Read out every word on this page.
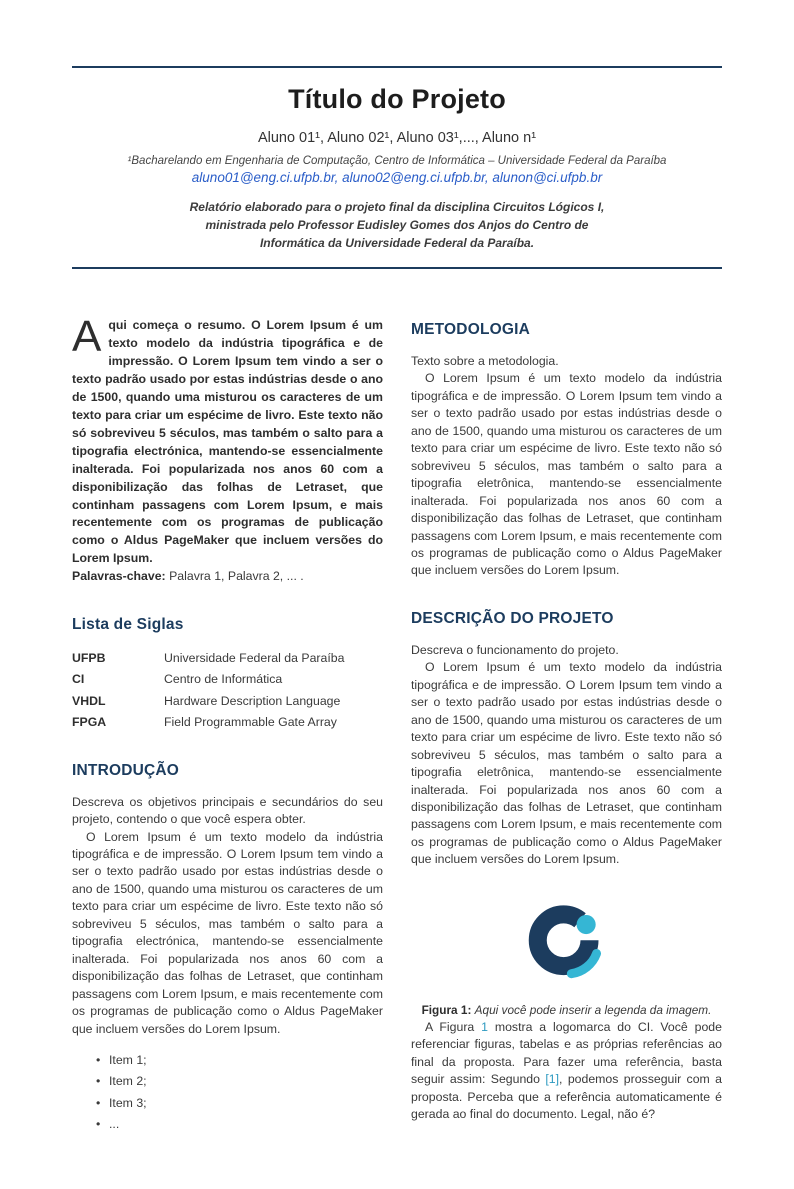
Título do Projeto

Aluno 01¹, Aluno 02¹, Aluno 03¹,..., Aluno n¹

¹Bacharelando em Engenharia de Computação, Centro de Informática – Universidade Federal da Paraíba

aluno01@eng.ci.ufpb.br, aluno02@eng.ci.ufpb.br, alunon@ci.ufpb.br

Relatório elaborado para o projeto final da disciplina Circuitos Lógicos I, ministrada pelo Professor Eudisley Gomes dos Anjos do Centro de Informática da Universidade Federal da Paraíba.

Aqui começa o resumo. O Lorem Ipsum é um texto modelo da indústria tipográfica e de impressão. O Lorem Ipsum tem vindo a ser o texto padrão usado por estas indústrias desde o ano de 1500, quando uma misturou os caracteres de um texto para criar um espécime de livro. Este texto não só sobreviveu 5 séculos, mas também o salto para a tipografia electrónica, mantendo-se essencialmente inalterada. Foi popularizada nos anos 60 com a disponibilização das folhas de Letraset, que continham passagens com Lorem Ipsum, e mais recentemente com os programas de publicação como o Aldus PageMaker que incluem versões do Lorem Ipsum.

Palavras-chave: Palavra 1, Palavra 2, ... .

Lista de Siglas
UFPB	Universidade Federal da Paraíba
CI	Centro de Informática
VHDL	Hardware Description Language
FPGA	Field Programmable Gate Array
INTRODUÇÃO

Descreva os objetivos principais e secundários do seu projeto, contendo o que você espera obter.

O Lorem Ipsum é um texto modelo da indústria tipográfica e de impressão. O Lorem Ipsum tem vindo a ser o texto padrão usado por estas indústrias desde o ano de 1500, quando uma misturou os caracteres de um texto para criar um espécime de livro. Este texto não só sobreviveu 5 séculos, mas também o salto para a tipografia electrónica, mantendo-se essencialmente inalterada. Foi popularizada nos anos 60 com a disponibilização das folhas de Letraset, que continham passagens com Lorem Ipsum, e mais recentemente com os programas de publicação como o Aldus PageMaker que incluem versões do Lorem Ipsum.

• Item 1;
• Item 2;
• Item 3;
• ...
METODOLOGIA

Texto sobre a metodologia.

O Lorem Ipsum é um texto modelo da indústria tipográfica e de impressão. O Lorem Ipsum tem vindo a ser o texto padrão usado por estas indústrias desde o ano de 1500, quando uma misturou os caracteres de um texto para criar um espécime de livro. Este texto não só sobreviveu 5 séculos, mas também o salto para a tipografia eletrônica, mantendo-se essencialmente inalterada. Foi popularizada nos anos 60 com a disponibilização das folhas de Letraset, que continham passagens com Lorem Ipsum, e mais recentemente com os programas de publicação como o Aldus PageMaker que incluem versões do Lorem Ipsum.

DESCRIÇÃO DO PROJETO

Descreva o funcionamento do projeto.

O Lorem Ipsum é um texto modelo da indústria tipográfica e de impressão. O Lorem Ipsum tem vindo a ser o texto padrão usado por estas indústrias desde o ano de 1500, quando uma misturou os caracteres de um texto para criar um espécime de livro. Este texto não só sobreviveu 5 séculos, mas também o salto para a tipografia eletrônica, mantendo-se essencialmente inalterada. Foi popularizada nos anos 60 com a disponibilização das folhas de Letraset, que continham passagens com Lorem Ipsum, e mais recentemente com os programas de publicação como o Aldus PageMaker que incluem versões do Lorem Ipsum.

Figura 1: Aqui você pode inserir a legenda da imagem.

A Figura 1 mostra a logomarca do CI. Você pode referenciar figuras, tabelas e as próprias referências ao final da proposta. Para fazer uma referência, basta seguir assim: Segundo [1], podemos prosseguir com a proposta. Perceba que a referência automaticamente é gerada ao final do documento. Legal, não é?
